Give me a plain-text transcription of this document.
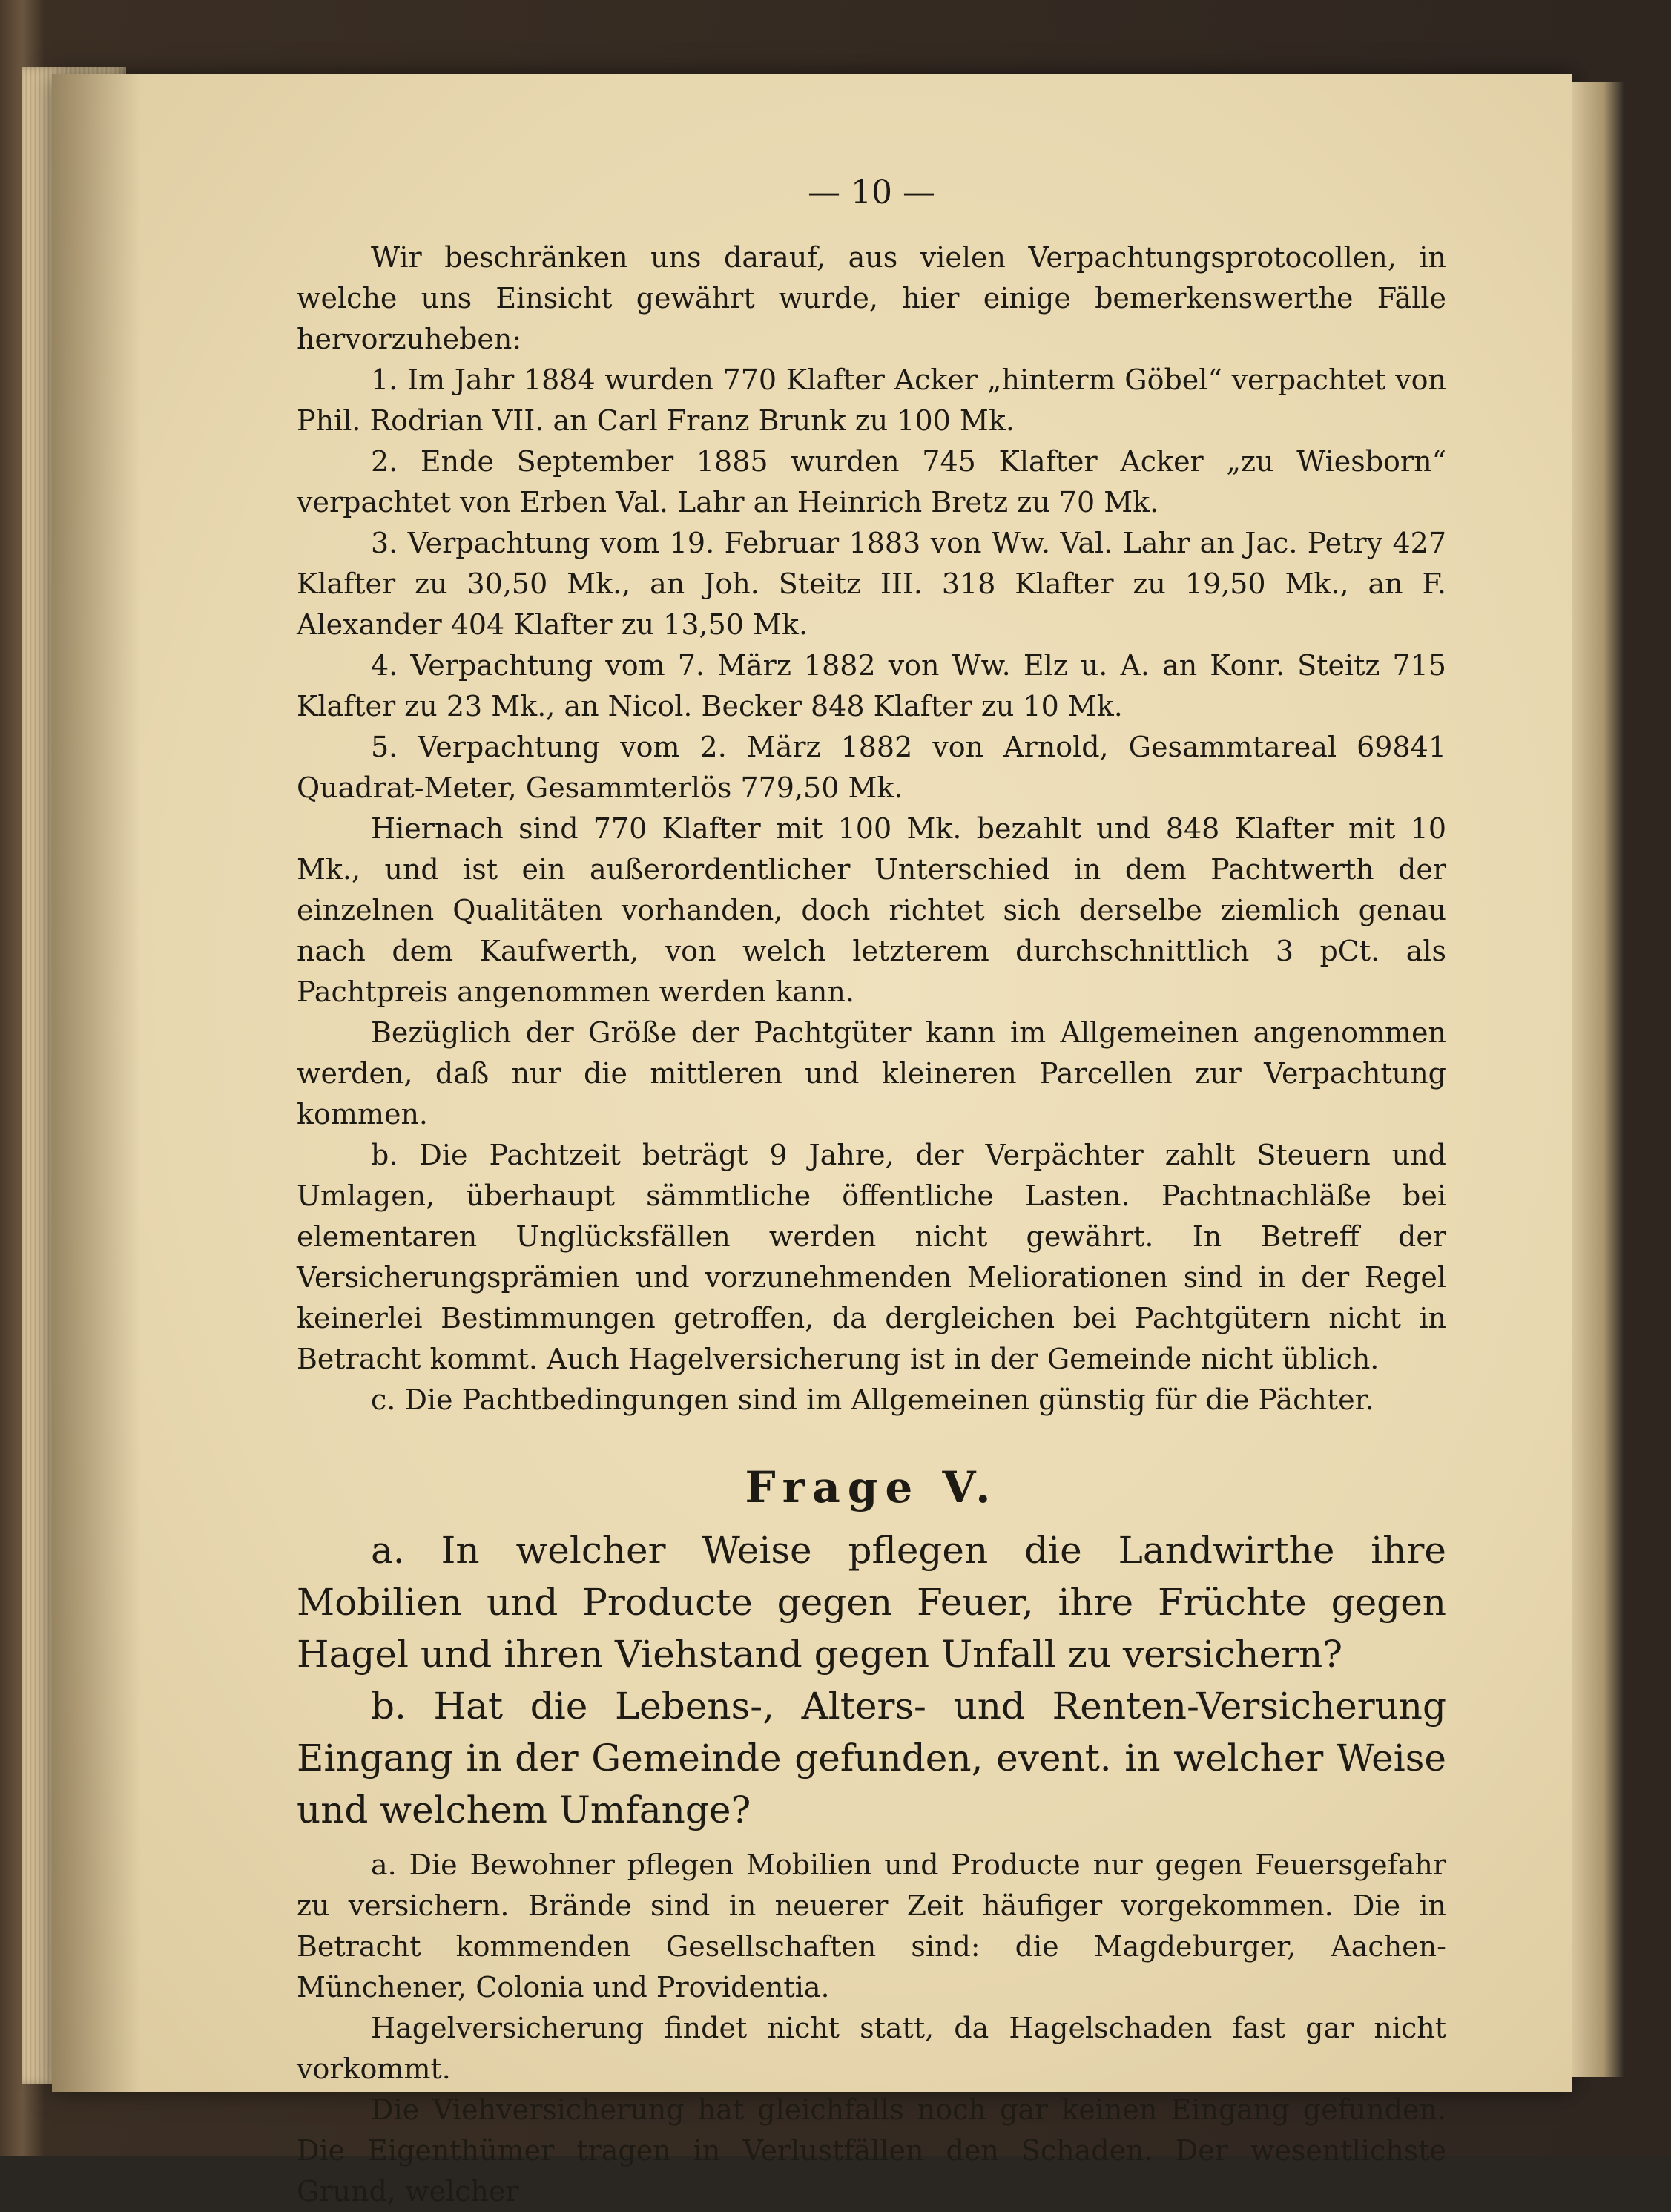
— 10 —

Wir beschränken uns darauf, aus vielen Verpachtungsprotocollen, in welche uns Einsicht gewährt wurde, hier einige bemerkenswerthe Fälle hervorzuheben:

1. Im Jahr 1884 wurden 770 Klafter Acker „hinterm Göbel“ verpachtet von Phil. Rodrian VII. an Carl Franz Brunk zu 100 Mk.
2. Ende September 1885 wurden 745 Klafter Acker „zu Wiesborn“ verpachtet von Erben Val. Lahr an Heinrich Bretz zu 70 Mk.
3. Verpachtung vom 19. Februar 1883 von Ww. Val. Lahr an Jac. Petry 427 Klafter zu 30,50 Mk., an Joh. Steitz III. 318 Klafter zu 19,50 Mk., an F. Alexander 404 Klafter zu 13,50 Mk.
4. Verpachtung vom 7. März 1882 von Ww. Elz u. A. an Konr. Steitz 715 Klafter zu 23 Mk., an Nicol. Becker 848 Klafter zu 10 Mk.
5. Verpachtung vom 2. März 1882 von Arnold, Gesammtareal 69841 Quadrat-Meter, Gesammterlös 779,50 Mk.

Hiernach sind 770 Klafter mit 100 Mk. bezahlt und 848 Klafter mit 10 Mk., und ist ein außerordentlicher Unterschied in dem Pachtwerth der einzelnen Qualitäten vorhanden, doch richtet sich derselbe ziemlich genau nach dem Kaufwerth, von welch letzterem durchschnittlich 3 pCt. als Pachtpreis angenommen werden kann.

Bezüglich der Größe der Pachtgüter kann im Allgemeinen angenommen werden, daß nur die mittleren und kleineren Parcellen zur Verpachtung kommen.

b. Die Pachtzeit beträgt 9 Jahre, der Verpächter zahlt Steuern und Umlagen, überhaupt sämmtliche öffentliche Lasten. Pachtnachläße bei elementaren Unglücksfällen werden nicht gewährt. In Betreff der Versicherungsprämien und vorzunehmenden Meliorationen sind in der Regel keinerlei Bestimmungen getroffen, da dergleichen bei Pachtgütern nicht in Betracht kommt. Auch Hagelversicherung ist in der Gemeinde nicht üblich.

c. Die Pachtbedingungen sind im Allgemeinen günstig für die Pächter.

Frage V.
a. In welcher Weise pflegen die Landwirthe ihre Mobilien und Producte gegen Feuer, ihre Früchte gegen Hagel und ihren Viehstand gegen Unfall zu versichern?
b. Hat die Lebens-, Alters- und Renten-Versicherung Eingang in der Gemeinde gefunden, event. in welcher Weise und welchem Umfange?
a. Die Bewohner pflegen Mobilien und Producte nur gegen Feuersgefahr zu versichern. Brände sind in neuerer Zeit häufiger vorgekommen. Die in Betracht kommenden Gesellschaften sind: die Magdeburger, Aachen-Münchener, Colonia und Providentia.

Hagelversicherung findet nicht statt, da Hagelschaden fast gar nicht vorkommt.

Die Viehversicherung hat gleichfalls noch gar keinen Eingang gefunden. Die Eigenthümer tragen in Verlustfällen den Schaden. Der wesentlichste Grund, welcher
